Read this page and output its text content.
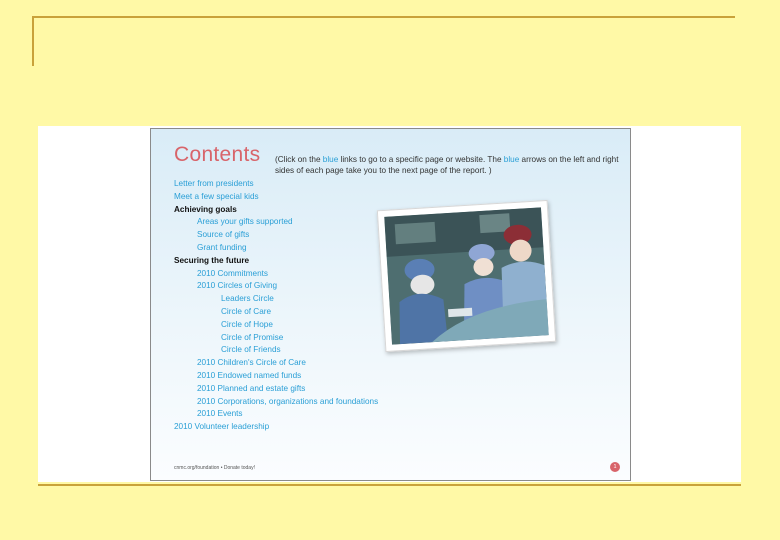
Contents (Click on the blue links to go to a specific page or website. The blue arrows on the left and right sides of each page take you to the next page of the report. )
Letter from presidents
Meet a few special kids
Achieving goals
Areas your gifts supported
Source of gifts
Grant funding
Securing the future
2010 Commitments
2010 Circles of Giving
Leaders Circle
Circle of Care
Circle of Hope
Circle of Promise
Circle of Friends
2010 Children's Circle of Care
2010 Endowed named funds
2010 Planned and estate gifts
2010 Corporations, organizations and foundations
2010 Events
2010 Volunteer leadership
cnmc.org/foundation • Donate today!	1
